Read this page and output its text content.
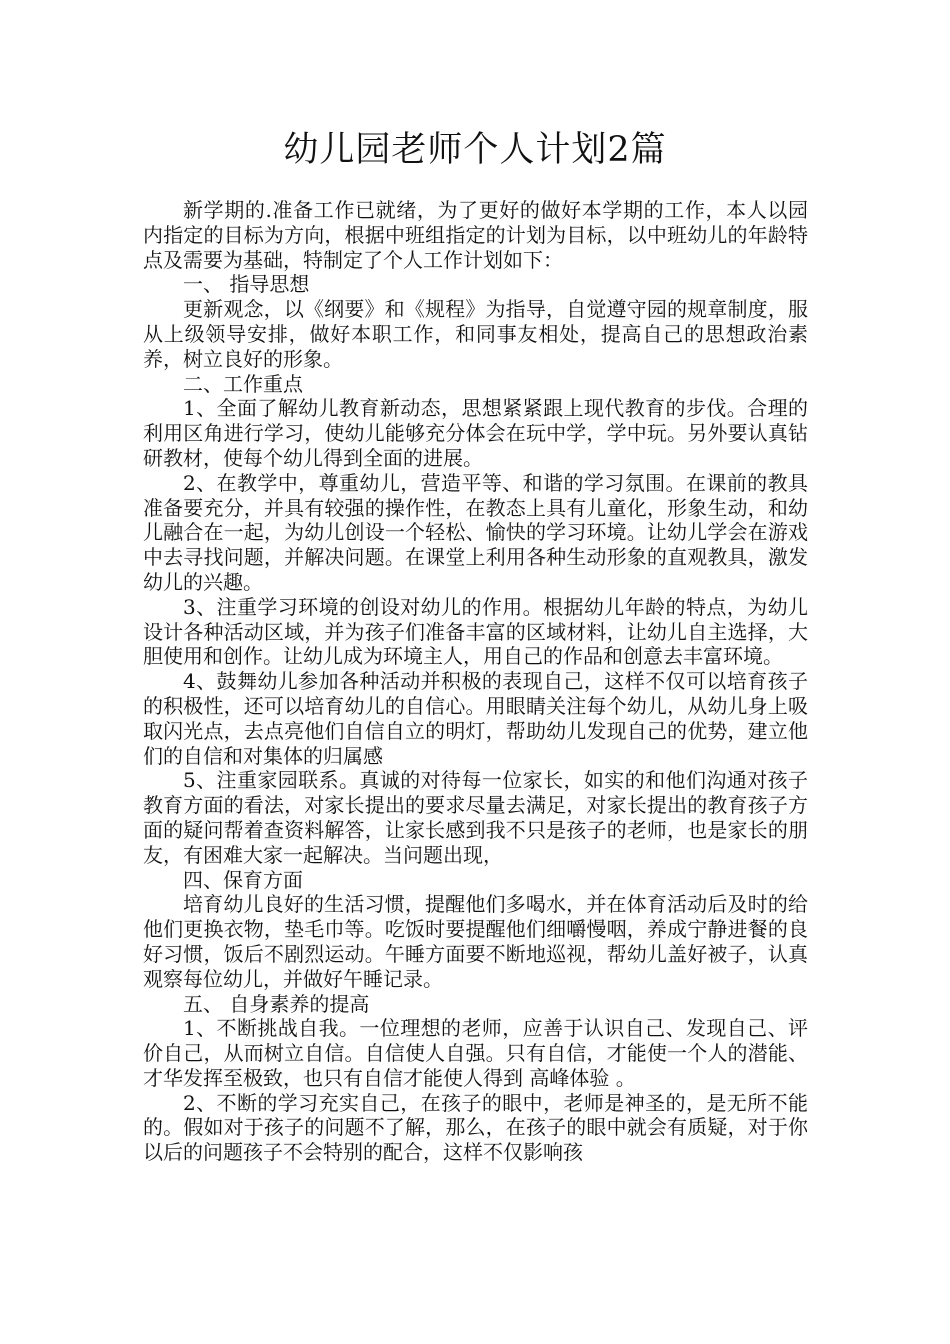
幼儿园老师个人计划2篇

新学期的.准备工作已就绪，为了更好的做好本学期的工作，本人以园内指定的目标为方向，根据中班组指定的计划为目标，以中班幼儿的年龄特点及需要为基础，特制定了个人工作计划如下：

一、 指导思想

更新观念，以《纲要》和《规程》为指导，自觉遵守园的规章制度，服从上级领导安排，做好本职工作，和同事友相处，提高自己的思想政治素养，树立良好的形象。

二、工作重点

1、全面了解幼儿教育新动态，思想紧紧跟上现代教育的步伐。合理的利用区角进行学习，使幼儿能够充分体会在玩中学，学中玩。另外要认真钻研教材，使每个幼儿得到全面的进展。

2、在教学中，尊重幼儿，营造平等、和谐的学习氛围。在课前的教具准备要充分，并具有较强的操作性，在教态上具有儿童化，形象生动，和幼儿融合在一起，为幼儿创设一个轻松、愉快的学习环境。让幼儿学会在游戏中去寻找问题，并解决问题。在课堂上利用各种生动形象的直观教具，激发幼儿的兴趣。

3、注重学习环境的创设对幼儿的作用。根据幼儿年龄的特点，为幼儿设计各种活动区域，并为孩子们准备丰富的区域材料，让幼儿自主选择，大胆使用和创作。让幼儿成为环境主人，用自己的作品和创意去丰富环境。

4、鼓舞幼儿参加各种活动并积极的表现自己，这样不仅可以培育孩子的积极性，还可以培育幼儿的自信心。用眼睛关注每个幼儿，从幼儿身上吸取闪光点，去点亮他们自信自立的明灯，帮助幼儿发现自己的优势，建立他们的自信和对集体的归属感

5、注重家园联系。真诚的对待每一位家长，如实的和他们沟通对孩子教育方面的看法，对家长提出的要求尽量去满足，对家长提出的教育孩子方面的疑问帮着查资料解答，让家长感到我不只是孩子的老师，也是家长的朋友，有困难大家一起解决。当问题出现，

四、保育方面

培育幼儿良好的生活习惯，提醒他们多喝水，并在体育活动后及时的给他们更换衣物，垫毛巾等。吃饭时要提醒他们细嚼慢咽，养成宁静进餐的良好习惯，饭后不剧烈运动。午睡方面要不断地巡视，帮幼儿盖好被子，认真观察每位幼儿，并做好午睡记录。

五、 自身素养的提高

1、不断挑战自我。一位理想的老师，应善于认识自己、发现自己、评价自己，从而树立自信。自信使人自强。只有自信，才能使一个人的潜能、才华发挥至极致，也只有自信才能使人得到 高峰体验 。

2、不断的学习充实自己，在孩子的眼中，老师是神圣的，是无所不能的。假如对于孩子的问题不了解，那么，在孩子的眼中就会有质疑，对于你以后的问题孩子不会特别的配合，这样不仅影响孩
